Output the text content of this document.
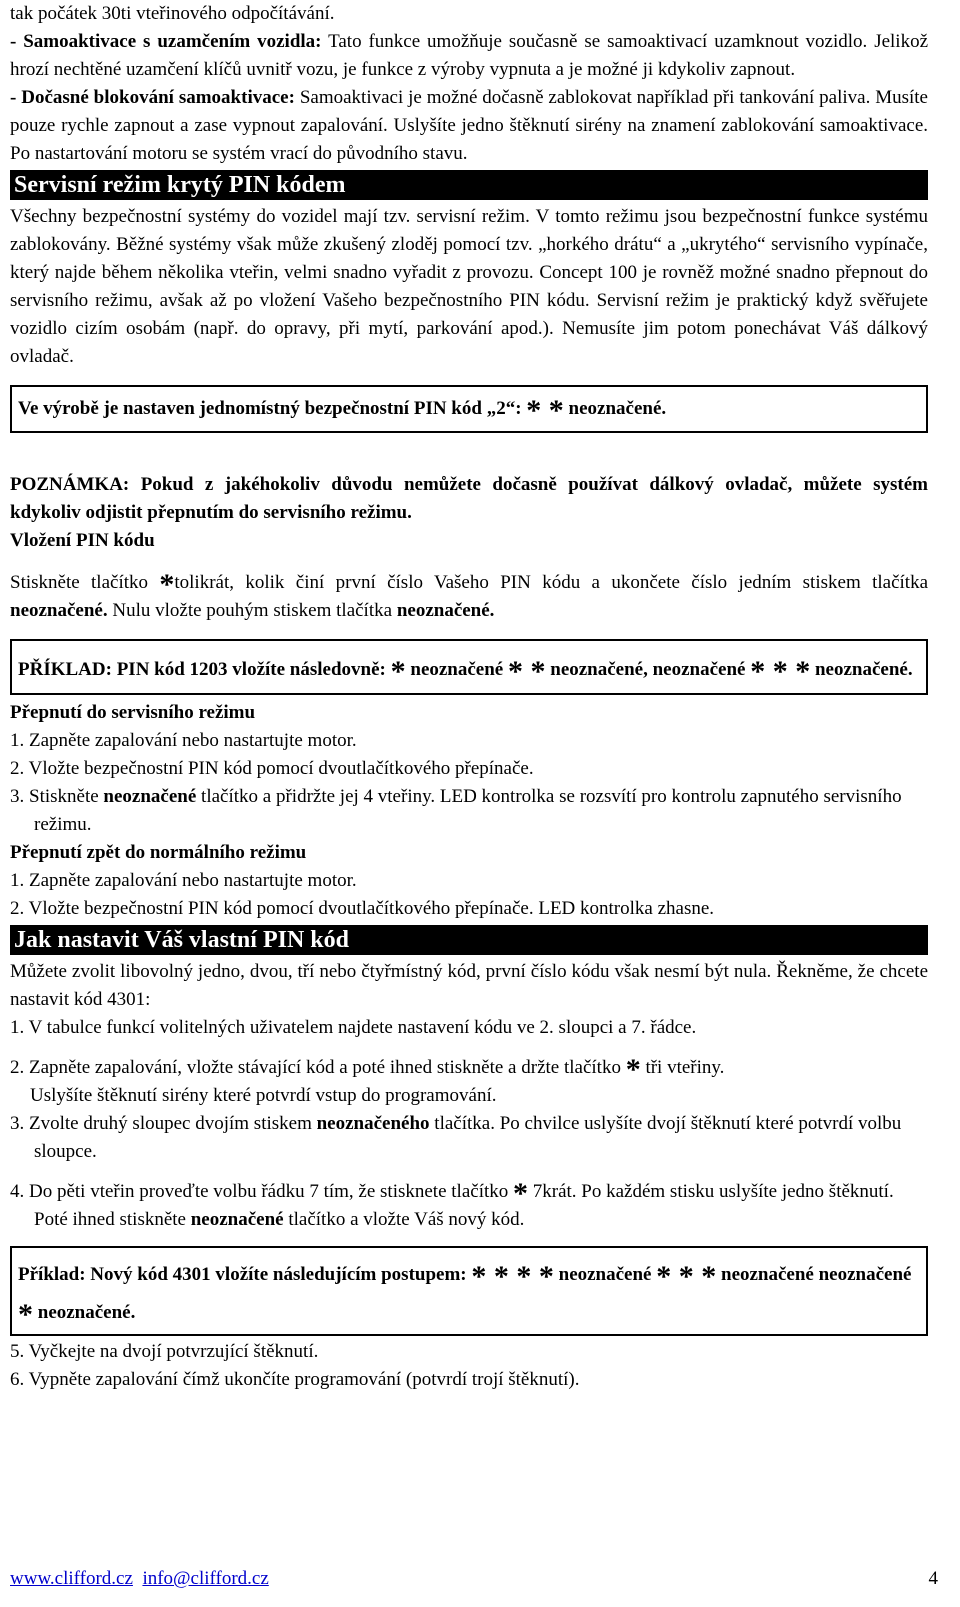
tak počátek 30ti vteřinového odpočítávání.

- Samoaktivace s uzamčením vozidla: Tato funkce umožňuje současně se samoaktivací uzamknout vozidlo. Jelikož hrozí nechtěné uzamčení klíčů uvnitř vozu, je funkce z výroby vypnuta a je možné ji kdykoliv zapnout.

- Dočasné blokování samoaktivace: Samoaktivaci je možné dočasně zablokovat například při tankování paliva. Musíte pouze rychle zapnout a zase vypnout zapalování. Uslyšíte jedno štěknutí sirény na znamení zablokování samoaktivace. Po nastartování motoru se systém vrací do původního stavu.

Servisní režim krytý PIN kódem

Všechny bezpečnostní systémy do vozidel mají tzv. servisní režim. V tomto režimu jsou bezpečnostní funkce systému zablokovány. Běžné systémy však může zkušený zloděj pomocí tzv. „horkého drátu“ a „ukrytého“ servisního vypínače, který najde během několika vteřin, velmi snadno vyřadit z provozu. Concept 100 je rovněž možné snadno přepnout do servisního režimu, avšak až po vložení Vašeho bezpečnostního PIN kódu. Servisní režim je praktický když svěřujete vozidlo cizím osobám (např. do opravy, při mytí, parkování apod.). Nemusíte jim potom ponechávat Váš dálkový ovladač.

Ve výrobě je nastaven jednomístný bezpečnostní PIN kód „2“: * * neoznačené.

POZNÁMKA: Pokud z jakéhokoliv důvodu nemůžete dočasně používat dálkový ovladač, můžete systém kdykoliv odjistit přepnutím do servisního režimu.

Vložení PIN kódu

Stiskněte tlačítko *tolikrát, kolik činí první číslo Vašeho PIN kódu a ukončete číslo jedním stiskem tlačítka neoznačené. Nulu vložte pouhým stiskem tlačítka neoznačené.

PŘÍKLAD: PIN kód 1203 vložíte následovně: * neoznačené * * neoznačené, neoznačené * * * neoznačené.

Přepnutí do servisního režimu

1. Zapněte zapalování nebo nastartujte motor.

2. Vložte bezpečnostní PIN kód pomocí dvoutlačítkového přepínače.

3. Stiskněte neoznačené tlačítko a přidržte jej 4 vteřiny. LED kontrolka se rozsvítí pro kontrolu zapnutého servisního režimu.

Přepnutí zpět do normálního režimu

1. Zapněte zapalování nebo nastartujte motor.

2. Vložte bezpečnostní PIN kód pomocí dvoutlačítkového přepínače. LED kontrolka zhasne.

Jak nastavit Váš vlastní PIN kód

Můžete zvolit libovolný jedno, dvou, tří nebo čtyřmístný kód, první číslo kódu však nesmí být nula. Řekněme, že chcete nastavit kód 4301:

1. V tabulce funkcí volitelných uživatelem najdete nastavení kódu ve 2. sloupci a 7. řádce.

2. Zapněte zapalování, vložte stávající kód a poté ihned stiskněte a držte tlačítko * tři vteřiny.

Uslyšíte štěknutí sirény které potvrdí vstup do programování.

3. Zvolte druhý sloupec dvojím stiskem neoznačeného tlačítka. Po chvilce uslyšíte dvojí štěknutí které potvrdí volbu sloupce.

4. Do pěti vteřin proveďte volbu řádku 7 tím, že stisknete tlačítko * 7krát. Po každém stisku uslyšíte jedno štěknutí. Poté ihned stiskněte neoznačené tlačítko a vložte Váš nový kód.

Příklad: Nový kód 4301 vložíte následujícím postupem: * * * * neoznačené * * * neoznačené neoznačené * neoznačené.

5. Vyčkejte na dvojí potvrzující štěknutí.

6. Vypněte zapalování čímž ukončíte programování (potvrdí trojí štěknutí).

www.clifford.cz info@clifford.cz	4
